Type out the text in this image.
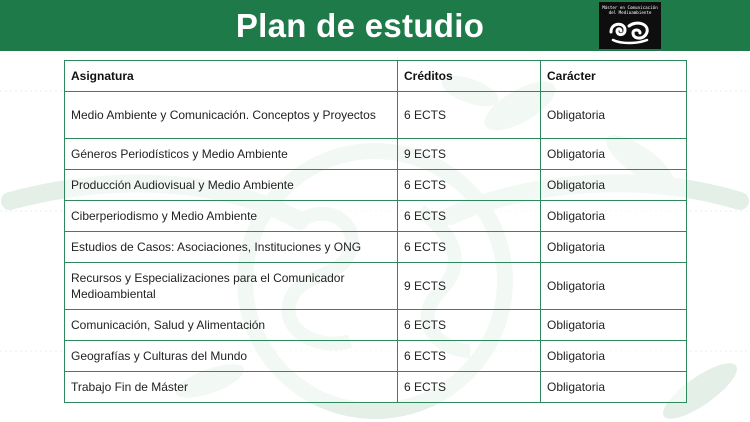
Plan de estudio	Máster en Comunicación del Medioambiente
Asignatura	Créditos	Carácter
Medio Ambiente y Comunicación. Conceptos y Proyectos	6 ECTS	Obligatoria
Géneros Periodísticos y Medio Ambiente	9 ECTS	Obligatoria
Producción Audiovisual y Medio Ambiente	6 ECTS	Obligatoria
Ciberperiodismo y Medio Ambiente	6 ECTS	Obligatoria
Estudios de Casos: Asociaciones, Instituciones y ONG	6 ECTS	Obligatoria
Recursos y Especializaciones para el Comunicador Medioambiental	9 ECTS	Obligatoria
Comunicación, Salud y Alimentación	6 ECTS	Obligatoria
Geografías y Culturas del Mundo	6 ECTS	Obligatoria
Trabajo Fin de Máster	6 ECTS	Obligatoria
